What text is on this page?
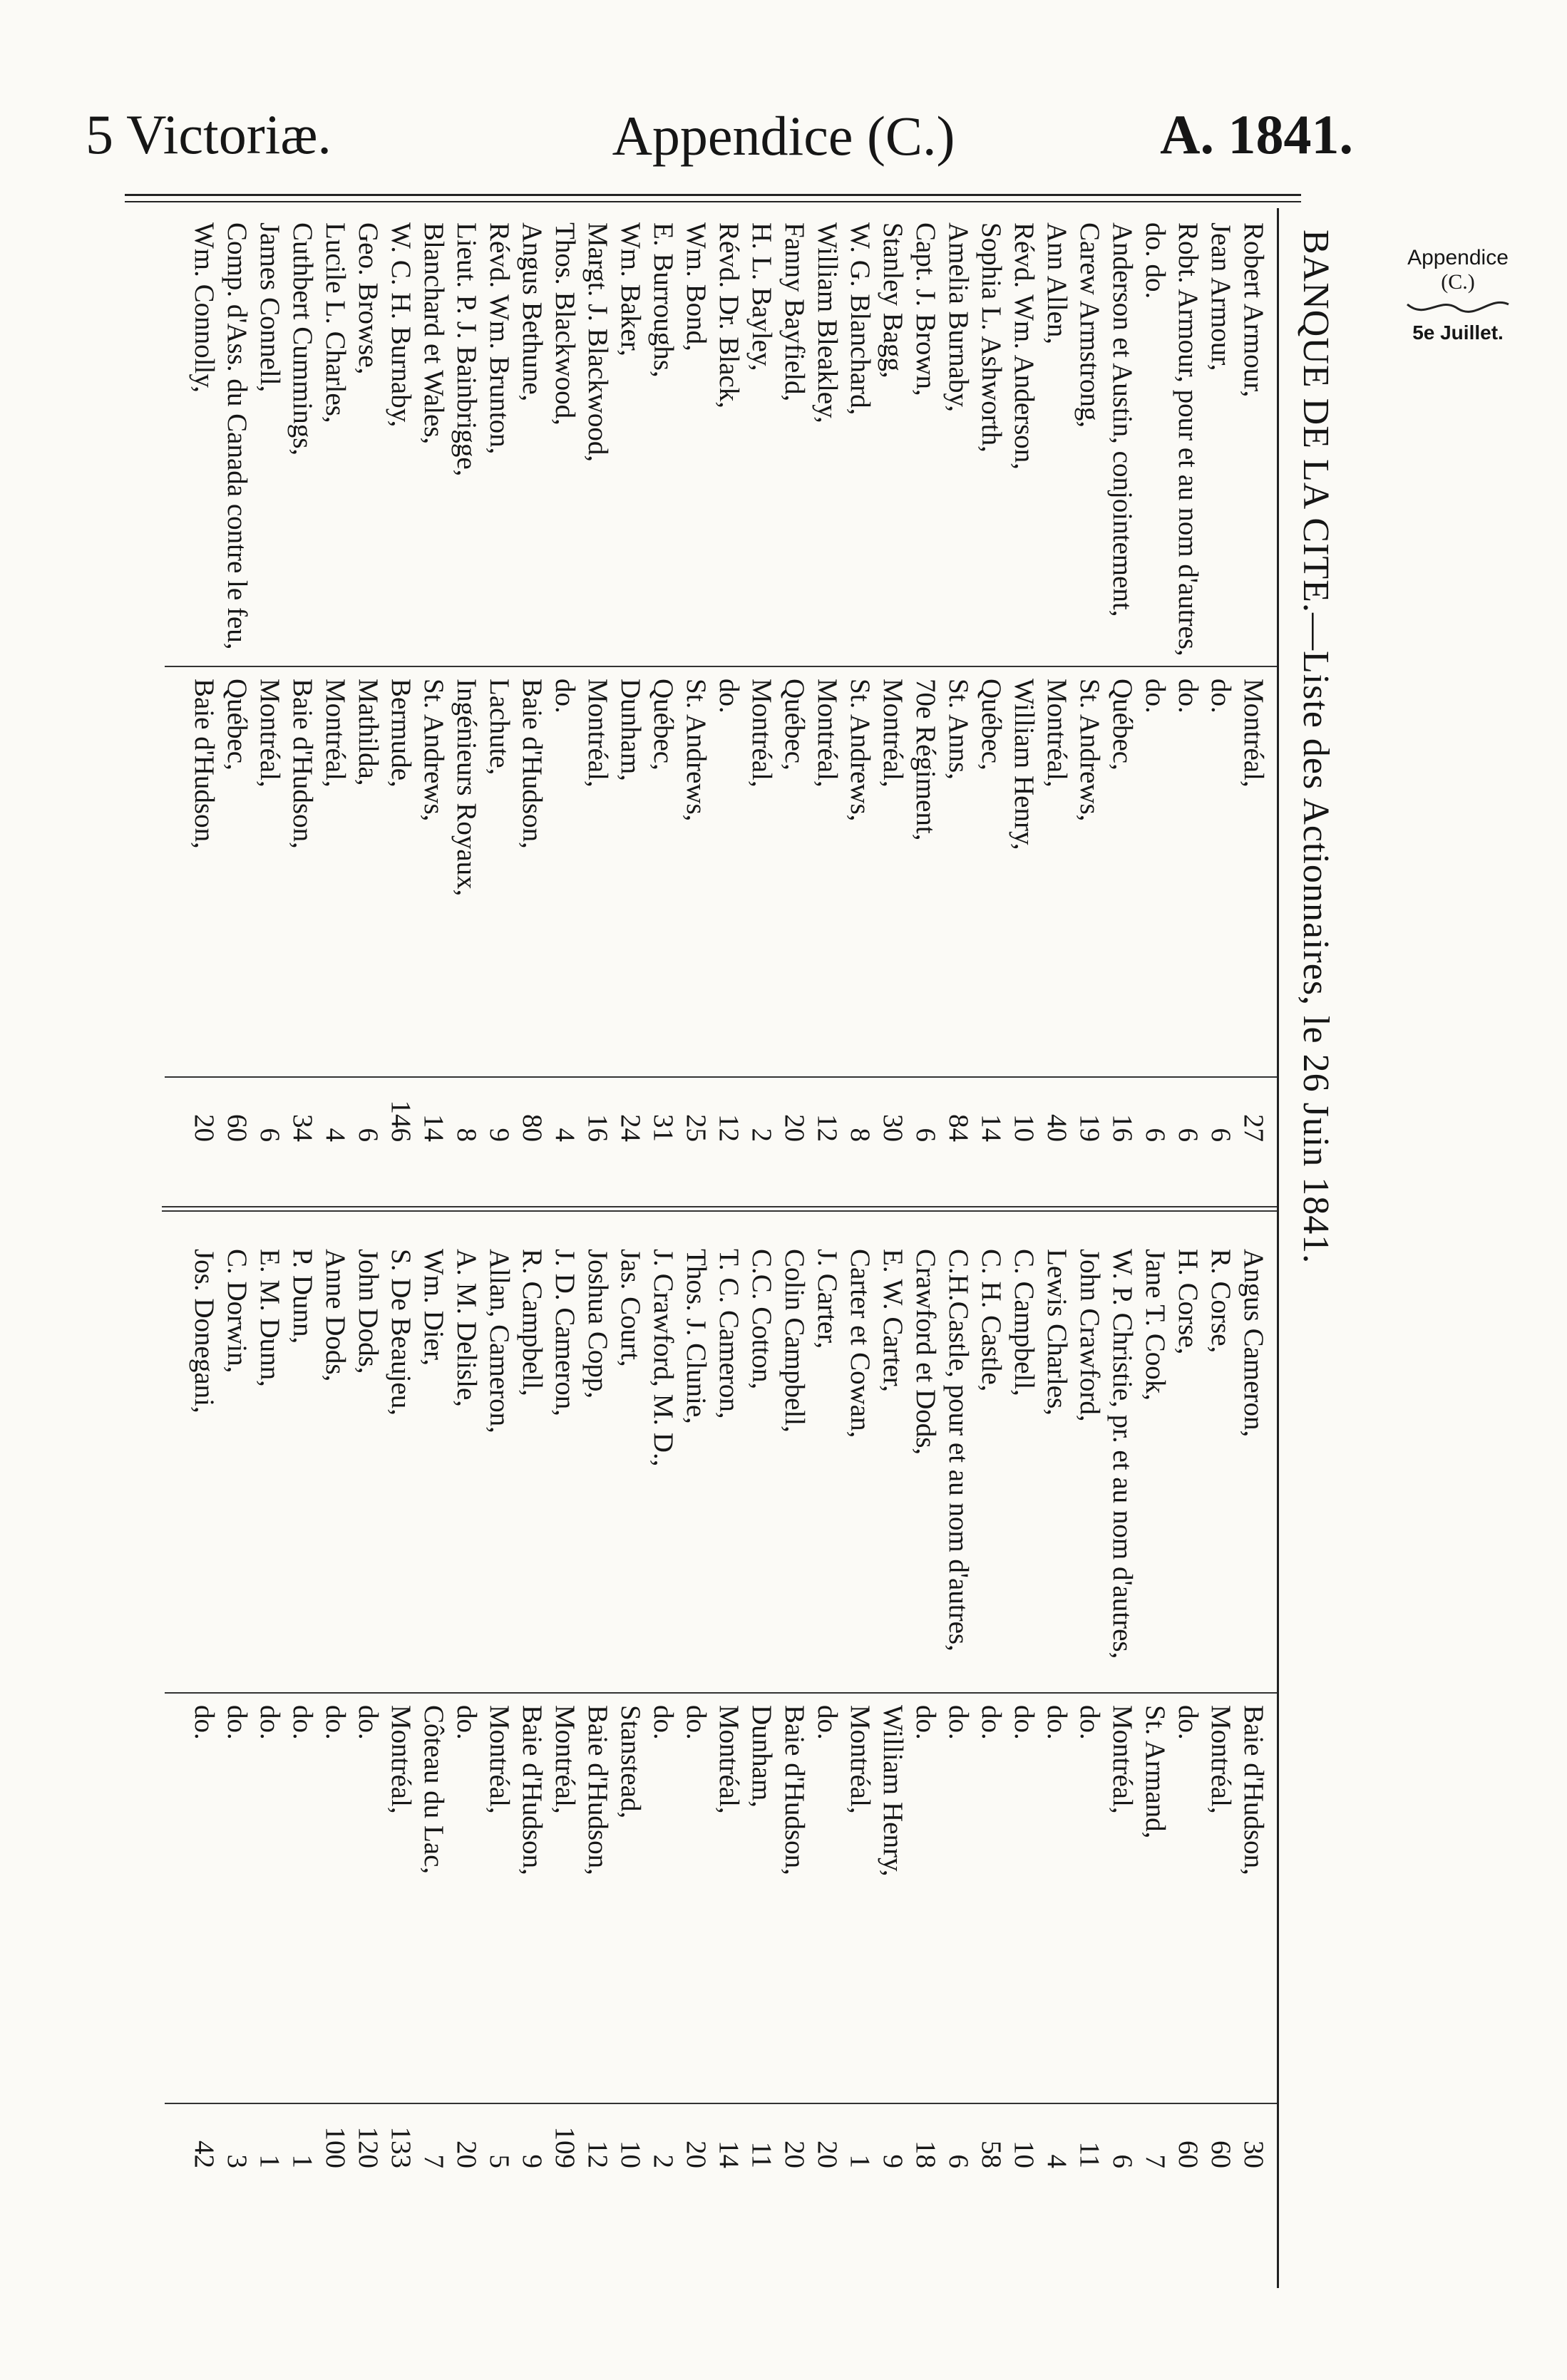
5 Victoriæ.	Appendice (C.)	A. 1841.
Appendice
(C.)
5e Juillet.
BANQUE DE LA CITE.—Liste des Actionnaires, le 26 Juin 1841.
Robert Armour,
Montréal,
27
Jean Armour,
do.
6
Robt. Armour, pour et au nom d'autres,
do.
6
do. do.
do.
6
Anderson et Austin, conjointement,
Québec,
16
Carew Armstrong,
St. Andrews,
19
Ann Allen,
Montréal,
40
Révd. Wm. Anderson,
William Henry,
10
Sophia L. Ashworth,
Québec,
14
Amelia Burnaby,
St. Anns,
84
Capt. J. Brown,
70e Régiment,
6
Stanley Bagg,
Montréal,
30
W. G. Blanchard,
St. Andrews,
8
William Bleakley,
Montréal,
12
Fanny Bayfield,
Québec,
20
H. L. Bayley,
Montréal,
2
Révd. Dr. Black,
do.
12
Wm. Bond,
St. Andrews,
25
E. Burroughs,
Québec,
31
Wm. Baker,
Dunham,
24
Margt. J. Blackwood,
Montréal,
16
Thos. Blackwood,
do.
4
Angus Bethune,
Baie d'Hudson,
80
Révd. Wm. Brunton,
Lachute,
9
Lieut. P. J. Bainbrigge,
Ingénieurs Royaux,
8
Blanchard et Wales,
St. Andrews,
14
W. C. H. Burnaby,
Bermude,
146
Geo. Browse,
Mathilda,
6
Lucile L. Charles,
Montréal,
4
Cuthbert Cummings,
Baie d'Hudson,
34
James Connell,
Montréal,
6
Comp. d'Ass. du Canada contre le feu,
Québec,
60
Wm. Connolly,
Baie d'Hudson,
20
Angus Cameron,
Baie d'Hudson,
30
R. Corse,
Montréal,
60
H. Corse,
do.
60
Jane T. Cook,
St. Armand,
7
W. P. Christie, pr. et au nom d'autres,
Montréal,
6
John Crawford,
do.
11
Lewis Charles,
do.
4
C. Campbell,
do.
10
C. H. Castle,
do.
58
C.H.Castle, pour et au nom d'autres,
do.
6
Crawford et Dods,
do.
18
E. W. Carter,
William Henry,
9
Carter et Cowan,
Montréal,
1
J. Carter,
do.
20
Colin Campbell,
Baie d'Hudson,
20
C.C. Cotton,
Dunham,
11
T. C. Cameron,
Montréal,
14
Thos. J. Clunie,
do.
20
J. Crawford, M. D.,
do.
2
Jas. Court,
Stanstead,
10
Joshua Copp,
Baie d'Hudson,
12
J. D. Cameron,
Montréal,
109
R. Campbell,
Baie d'Hudson,
9
Allan, Cameron,
Montréal,
5
A. M. Delisle,
do.
20
Wm. Dier,
Côteau du Lac,
7
S. De Beaujeu,
Montréal,
133
John Dods,
do.
120
Anne Dods,
do.
100
P. Dunn,
do.
1
E. M. Dunn,
do.
1
C. Dorwin,
do.
3
Jos. Donegani,
do.
42
